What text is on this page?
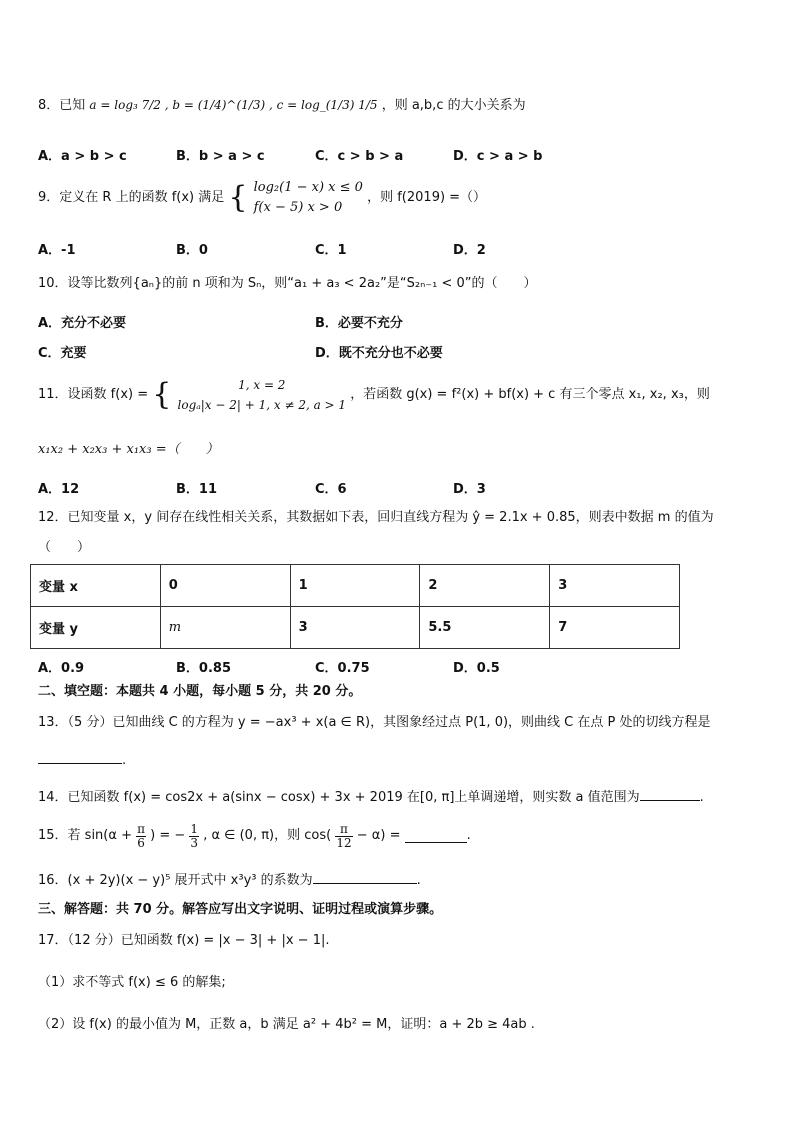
8．已知 a = log₃ 7/2 , b = (1/4)^(1/3) , c = log_(1/3) 1/5 ，则 a,b,c 的大小关系为
A．a > b > c	B．b > a > c	C．c > b > a	D．c > a > b
9．定义在 R 上的函数 f(x) 满足 { log₂(1 − x) x ≤ 0
f(x − 5) x > 0
，则 f(2019) =（）
A．-1	B．0	C．1	D．2
10．设等比数列{aₙ}的前 n 项和为 Sₙ，则“a₁ + a₃ < 2a₂”是“S₂ₙ₋₁ < 0”的（　　）
A．充分不必要	B．必要不充分
C．充要	D．既不充分也不必要
11．设函数 f(x) = {	1, x = 2
logₐ|x − 2| + 1, x ≠ 2, a > 1
，若函数 g(x) = f²(x) + bf(x) + c 有三个零点 x₁, x₂, x₃，则
x₁x₂ + x₂x₃ + x₁x₃ =（　　）
A．12	B．11	C．6	D．3
12．已知变量 x，y 间存在线性相关关系，其数据如下表，回归直线方程为 ŷ = 2.1x + 0.85，则表中数据 m 的值为
（　　）
变量 x	0	1	2	3
变量 y	m	3	5.5	7
A．0.9	B．0.85	C．0.75	D．0.5
二、填空题：本题共 4 小题，每小题 5 分，共 20 分。
13．（5 分）已知曲线 C 的方程为 y = −ax³ + x(a ∈ R)，其图象经过点 P(1, 0)，则曲线 C 在点 P 处的切线方程是
.
14．已知函数 f(x) = cos2x + a(sinx − cosx) + 3x + 2019 在[0, π]上单调递增，则实数 a 值范围为	.
15．若 $\sin(\alpha + \frac{\pi}{6}$ ) = − $\frac{1}{3}$ , α ∈ (0, π)，则 $\cos( \frac{\pi}{12} - \alpha)$ =	.
16．(x + 2y)(x − y)⁵ 展开式中 x³y³ 的系数为	.
三、解答题：共 70 分。解答应写出文字说明、证明过程或演算步骤。
17．（12 分）已知函数 f(x) = |x − 3| + |x − 1|.
（1）求不等式 f(x) ≤ 6 的解集;
（2）设 f(x) 的最小值为 M，正数 a，b 满足 a² + 4b² = M，证明：a + 2b ≥ 4ab .
